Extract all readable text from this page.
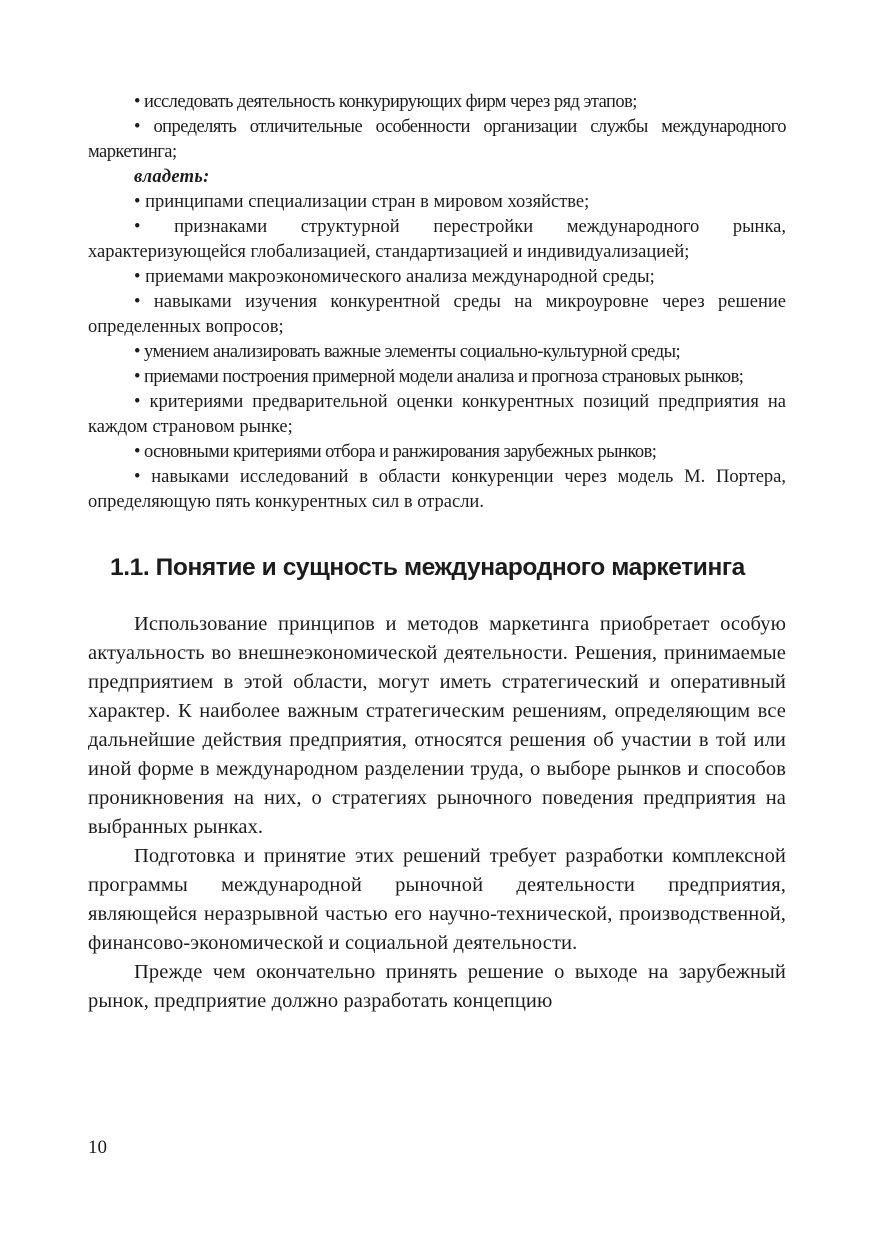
• исследовать деятельность конкурирующих фирм через ряд этапов;

• определять отличительные особенности организации службы международного маркетинга;

владеть:

• принципами специализации стран в мировом хозяйстве;

• признаками структурной перестройки международного рынка, характеризующейся глобализацией, стандартизацией и индивидуализацией;

• приемами макроэкономического анализа международной среды;

• навыками изучения конкурентной среды на микроуровне через решение определенных вопросов;

• умением анализировать важные элементы социально-культурной среды;

• приемами построения примерной модели анализа и прогноза страновых рынков;

• критериями предварительной оценки конкурентных позиций предприятия на каждом страновом рынке;

• основными критериями отбора и ранжирования зарубежных рынков;

• навыками исследований в области конкуренции через модель М. Портера, определяющую пять конкурентных сил в отрасли.

1.1. Понятие и сущность международного маркетинга

Использование принципов и методов маркетинга приобретает особую актуальность во внешнеэкономической деятельности. Решения, принимаемые предприятием в этой области, могут иметь стратегический и оперативный характер. К наиболее важным стратегическим решениям, определяющим все дальнейшие действия предприятия, относятся решения об участии в той или иной форме в международном разделении труда, о выборе рынков и способов проникновения на них, о стратегиях рыночного поведения предприятия на выбранных рынках.

Подготовка и принятие этих решений требует разработки комплексной программы международной рыночной деятельности предприятия, являющейся неразрывной частью его научно-технической, производственной, финансово-экономической и социальной деятельности.

Прежде чем окончательно принять решение о выходе на зарубежный рынок, предприятие должно разработать концепцию

10
